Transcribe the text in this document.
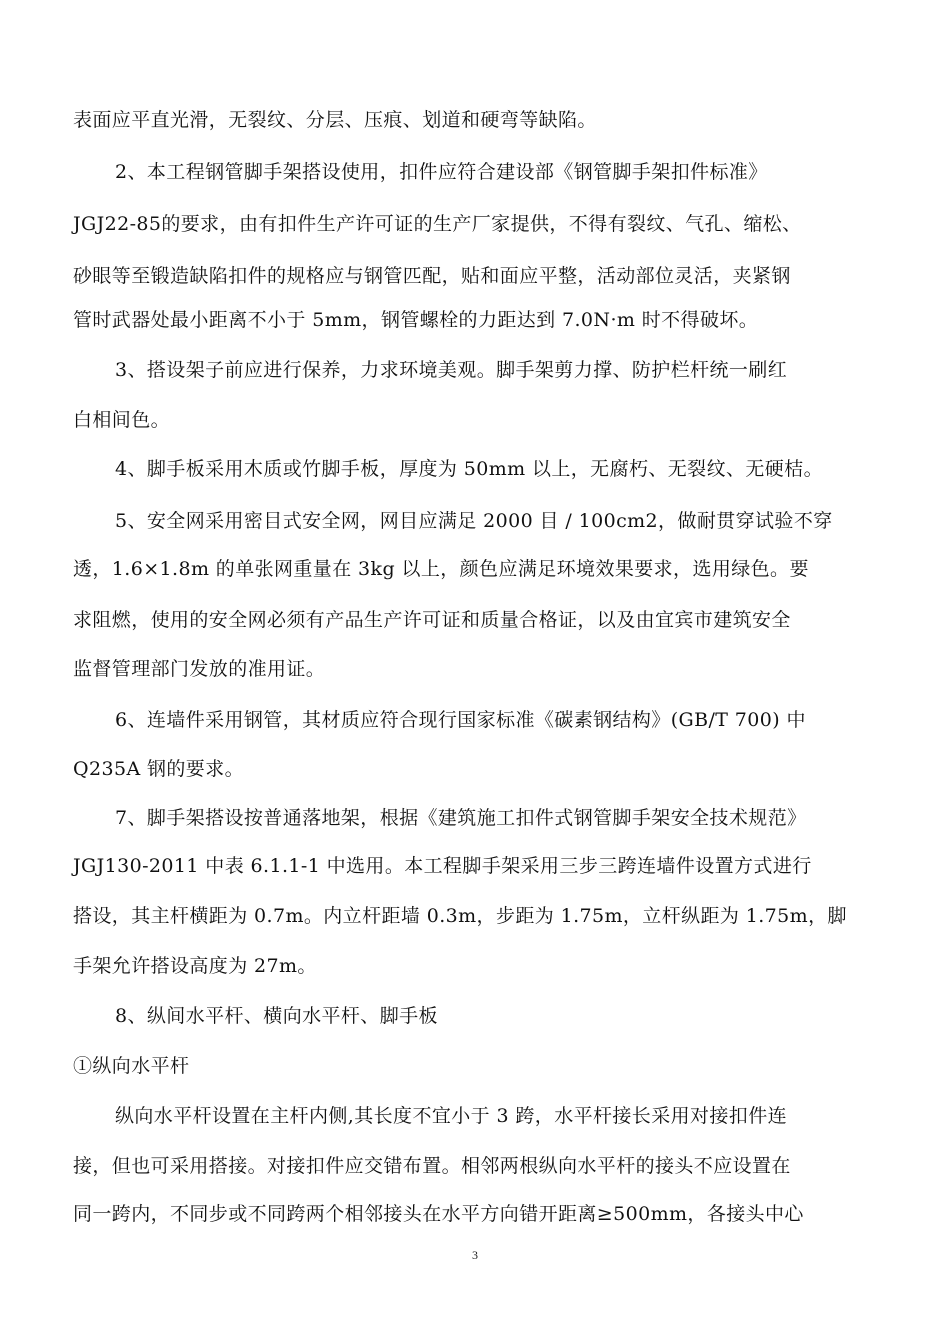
表面应平直光滑，无裂纹、分层、压痕、划道和硬弯等缺陷。
2、本工程钢管脚手架搭设使用，扣件应符合建设部《钢管脚手架扣件标准》
JGJ22-85的要求，由有扣件生产许可证的生产厂家提供，不得有裂纹、气孔、缩松、
砂眼等至锻造缺陷扣件的规格应与钢管匹配，贴和面应平整，活动部位灵活，夹紧钢
管时武器处最小距离不小于 5mm，钢管螺栓的力距达到 7.0N·m 时不得破坏。
3、搭设架子前应进行保养，力求环境美观。脚手架剪力撑、防护栏杆统一刷红
白相间色。
4、脚手板采用木质或竹脚手板，厚度为 50mm 以上，无腐朽、无裂纹、无硬桔。
5、安全网采用密目式安全网，网目应满足 2000 目 / 100cm2，做耐贯穿试验不穿
透，1.6×1.8m 的单张网重量在 3kg 以上，颜色应满足环境效果要求，选用绿色。要
求阻燃，使用的安全网必须有产品生产许可证和质量合格证，以及由宜宾市建筑安全
监督管理部门发放的准用证。
6、连墙件采用钢管，其材质应符合现行国家标准《碳素钢结构》(GB/T 700) 中
Q235A 钢的要求。
7、脚手架搭设按普通落地架，根据《建筑施工扣件式钢管脚手架安全技术规范》
JGJ130-2011 中表 6.1.1-1 中选用。本工程脚手架采用三步三跨连墙件设置方式进行
搭设，其主杆横距为 0.7m。内立杆距墙 0.3m，步距为 1.75m，立杆纵距为 1.75m，脚
手架允许搭设高度为 27m。
8、纵间水平杆、横向水平杆、脚手板
①纵向水平杆
纵向水平杆设置在主杆内侧,其长度不宜小于 3 跨，水平杆接长采用对接扣件连
接，但也可采用搭接。对接扣件应交错布置。相邻两根纵向水平杆的接头不应设置在
同一跨内，不同步或不同跨两个相邻接头在水平方向错开距离≥500mm，各接头中心
3
